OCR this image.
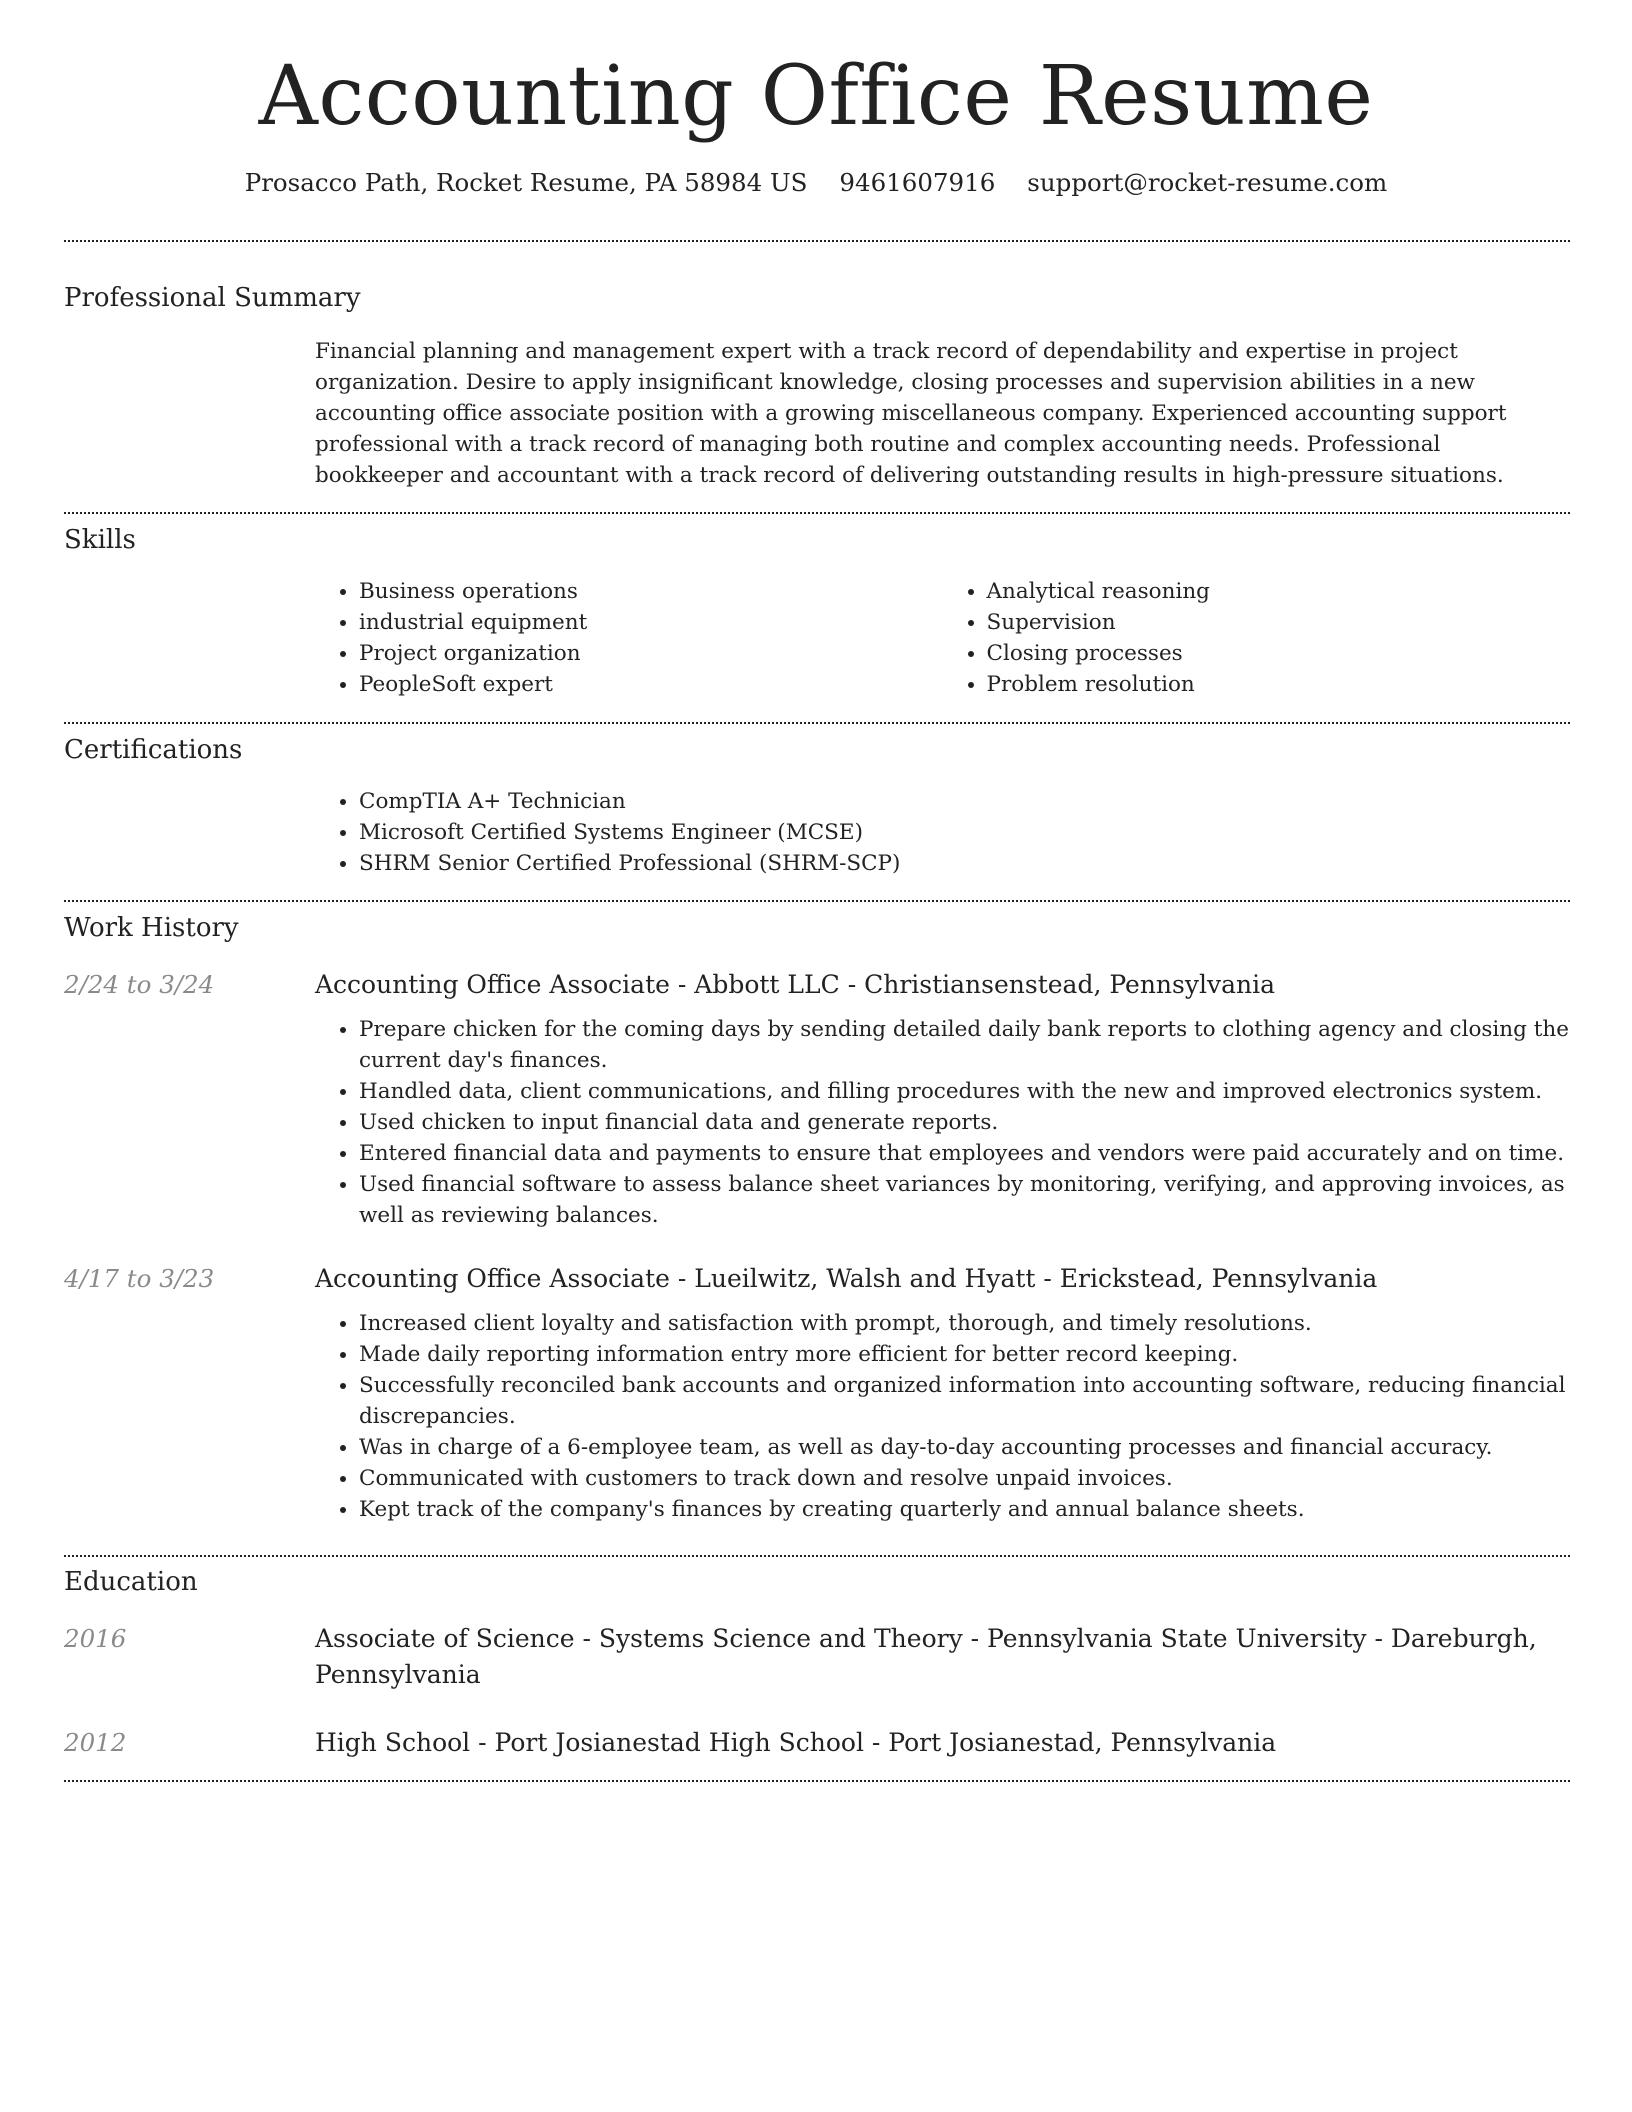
Accounting Office Resume
Prosacco Path, Rocket Resume, PA 58984 US 9461607916 support@rocket-resume.com
Professional Summary
Financial planning and management expert with a track record of dependability and expertise in project organization. Desire to apply insignificant knowledge, closing processes and supervision abilities in a new accounting office associate position with a growing miscellaneous company. Experienced accounting support professional with a track record of managing both routine and complex accounting needs. Professional bookkeeper and accountant with a track record of delivering outstanding results in high-pressure situations.
Skills
• Business operations
• industrial equipment
• Project organization
• PeopleSoft expert
• Analytical reasoning
• Supervision
• Closing processes
• Problem resolution
Certifications
• CompTIA A+ Technician
• Microsoft Certified Systems Engineer (MCSE)
• SHRM Senior Certified Professional (SHRM-SCP)
Work History
2/24 to 3/24	Accounting Office Associate - Abbott LLC - Christiansenstead, Pennsylvania
• Prepare chicken for the coming days by sending detailed daily bank reports to clothing agency and closing the current day's finances.
• Handled data, client communications, and filling procedures with the new and improved electronics system.
• Used chicken to input financial data and generate reports.
• Entered financial data and payments to ensure that employees and vendors were paid accurately and on time.
• Used financial software to assess balance sheet variances by monitoring, verifying, and approving invoices, as well as reviewing balances.
4/17 to 3/23	Accounting Office Associate - Lueilwitz, Walsh and Hyatt - Erickstead, Pennsylvania
• Increased client loyalty and satisfaction with prompt, thorough, and timely resolutions.
• Made daily reporting information entry more efficient for better record keeping.
• Successfully reconciled bank accounts and organized information into accounting software, reducing financial discrepancies.
• Was in charge of a 6-employee team, as well as day-to-day accounting processes and financial accuracy.
• Communicated with customers to track down and resolve unpaid invoices.
• Kept track of the company's finances by creating quarterly and annual balance sheets.
Education
2016	Associate of Science - Systems Science and Theory - Pennsylvania State University - Dareburgh, Pennsylvania
2012	High School - Port Josianestad High School - Port Josianestad, Pennsylvania
